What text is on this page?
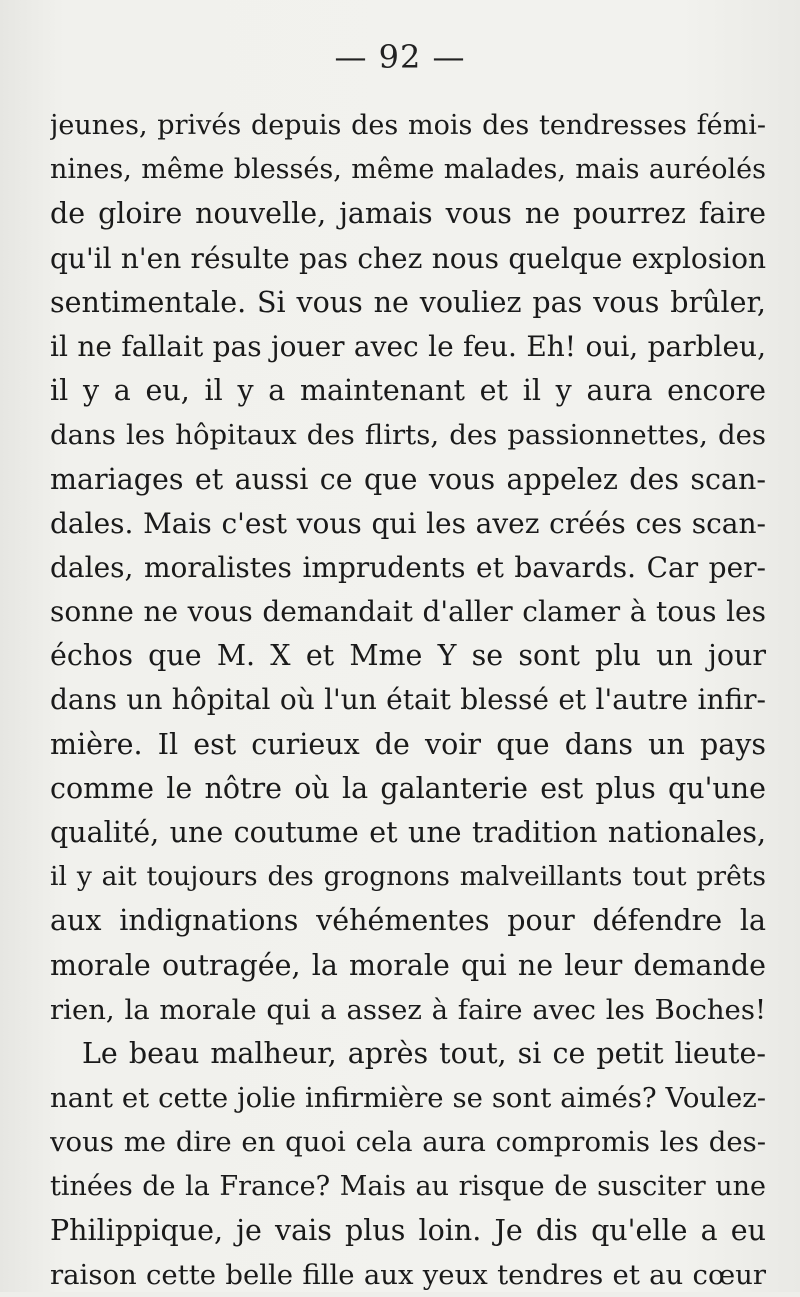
— 92 —
jeunes, privés depuis des mois des tendresses fémi-
nines, même blessés, même malades, mais auréolés
de gloire nouvelle, jamais vous ne pourrez faire
qu'il n'en résulte pas chez nous quelque explosion
sentimentale. Si vous ne vouliez pas vous brûler,
il ne fallait pas jouer avec le feu. Eh! oui, parbleu,
il y a eu, il y a maintenant et il y aura encore
dans les hôpitaux des flirts, des passionnettes, des
mariages et aussi ce que vous appelez des scan-
dales. Mais c'est vous qui les avez créés ces scan-
dales, moralistes imprudents et bavards. Car per-
sonne ne vous demandait d'aller clamer à tous les
échos que M. X et Mme Y se sont plu un jour
dans un hôpital où l'un était blessé et l'autre infir-
mière. Il est curieux de voir que dans un pays
comme le nôtre où la galanterie est plus qu'une
qualité, une coutume et une tradition nationales,
il y ait toujours des grognons malveillants tout prêts
aux indignations véhémentes pour défendre la
morale outragée, la morale qui ne leur demande
rien, la morale qui a assez à faire avec les Boches!
Le beau malheur, après tout, si ce petit lieute-
nant et cette jolie infirmière se sont aimés? Voulez-
vous me dire en quoi cela aura compromis les des-
tinées de la France? Mais au risque de susciter une
Philippique, je vais plus loin. Je dis qu'elle a eu
raison cette belle fille aux yeux tendres et au cœur
